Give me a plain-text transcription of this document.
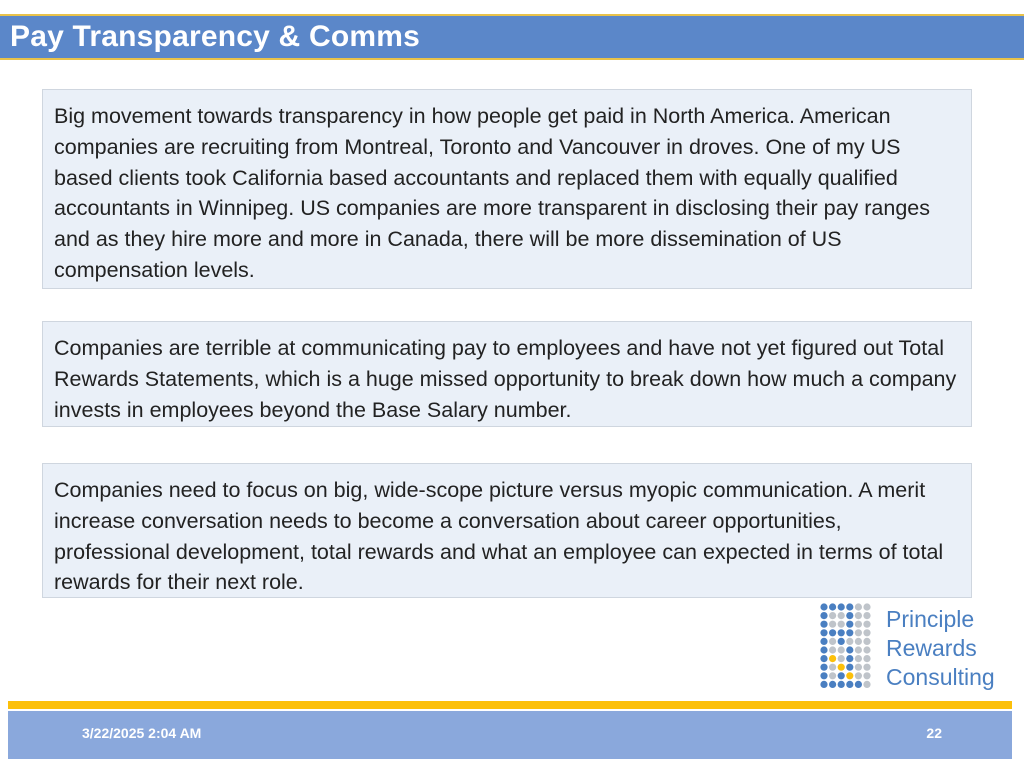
Pay Transparency & Comms
Big movement towards transparency in how people get paid in North America. American companies are recruiting from Montreal, Toronto and Vancouver in droves. One of my US based clients took California based accountants and replaced them with equally qualified accountants in Winnipeg. US companies are more transparent in disclosing their pay ranges and as they hire more and more in Canada, there will be more dissemination of US compensation levels.
Companies are terrible at communicating pay to employees and have not yet figured out Total Rewards Statements, which is a huge missed opportunity to break down how much a company invests in employees beyond the Base Salary number.
Companies need to focus on big, wide-scope picture versus myopic communication. A merit increase conversation needs to become a conversation about career opportunities, professional development, total rewards and what an employee can expected in terms of total rewards for their next role.
Principle
Rewards
Consulting
3/22/2025 2:04 AM	22
